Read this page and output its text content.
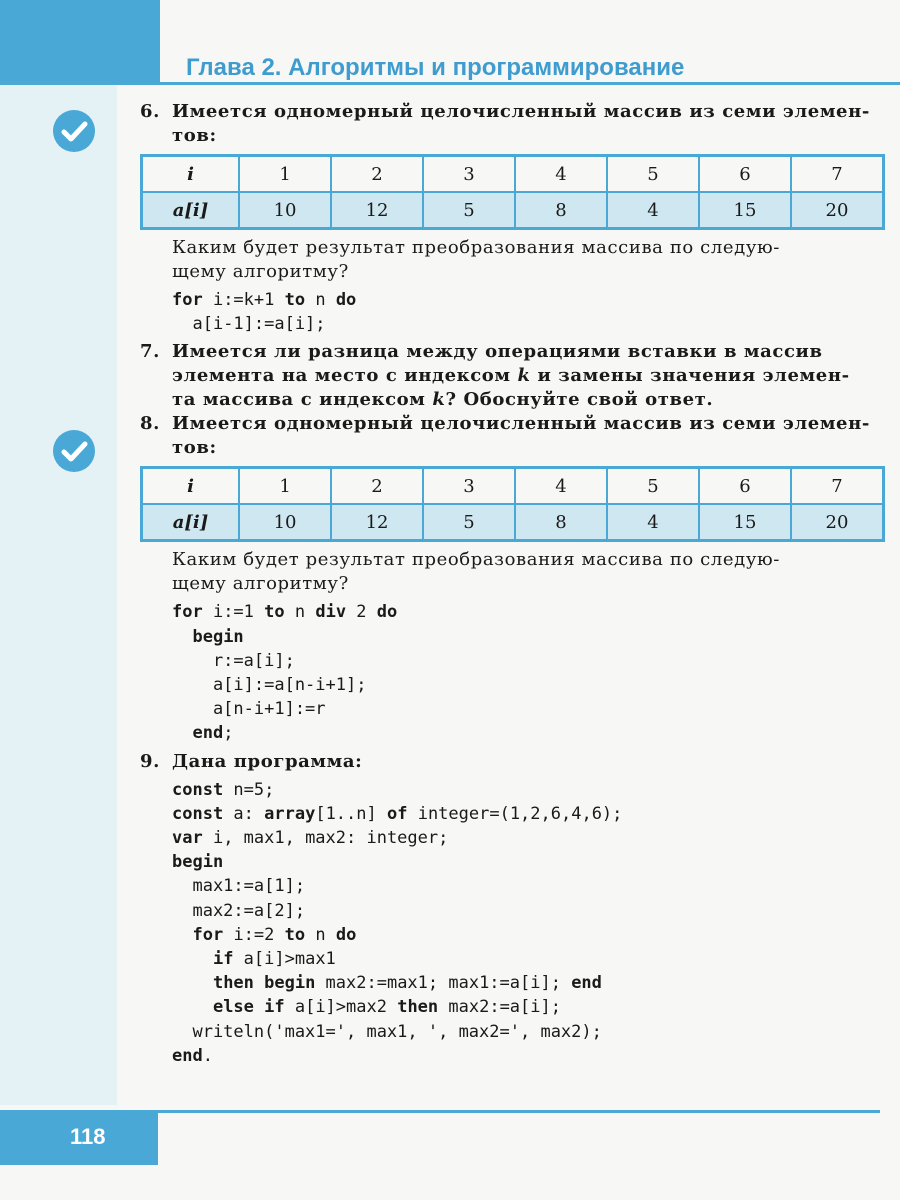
Глава 2. Алгоритмы и программирование

6. Имеется одномерный целочисленный массив из семи элемен-

тов:

i	1	2	3	4	5	6	7
a[i]	10	12	5	8	4	15	20

Каким будет результат преобразования массива по следую-

щему алгоритму?

for i:=k+1 to n do
a[i-1]:=a[i];

7. Имеется ли разница между операциями вставки в массив

элемента на место с индексом k и замены значения элемен-

та массива с индексом k? Обоснуйте свой ответ.

8. Имеется одномерный целочисленный массив из семи элемен-

тов:

i	1	2	3	4	5	6	7
a[i]	10	12	5	8	4	15	20

Каким будет результат преобразования массива по следую-

щему алгоритму?

for i:=1 to n div 2 do
begin
r:=a[i];
a[i]:=a[n-i+1];
a[n-i+1]:=r
end;

9. Дана программа:

const n=5;
const a: array[1..n] of integer=(1,2,6,4,6);
var i, max1, max2: integer;
begin
max1:=a[1];
max2:=a[2];
for i:=2 to n do
if a[i]>max1
then begin max2:=max1; max1:=a[i]; end
else if a[i]>max2 then max2:=a[i];
writeln('max1=', max1, ', max2=', max2);
end.
118
